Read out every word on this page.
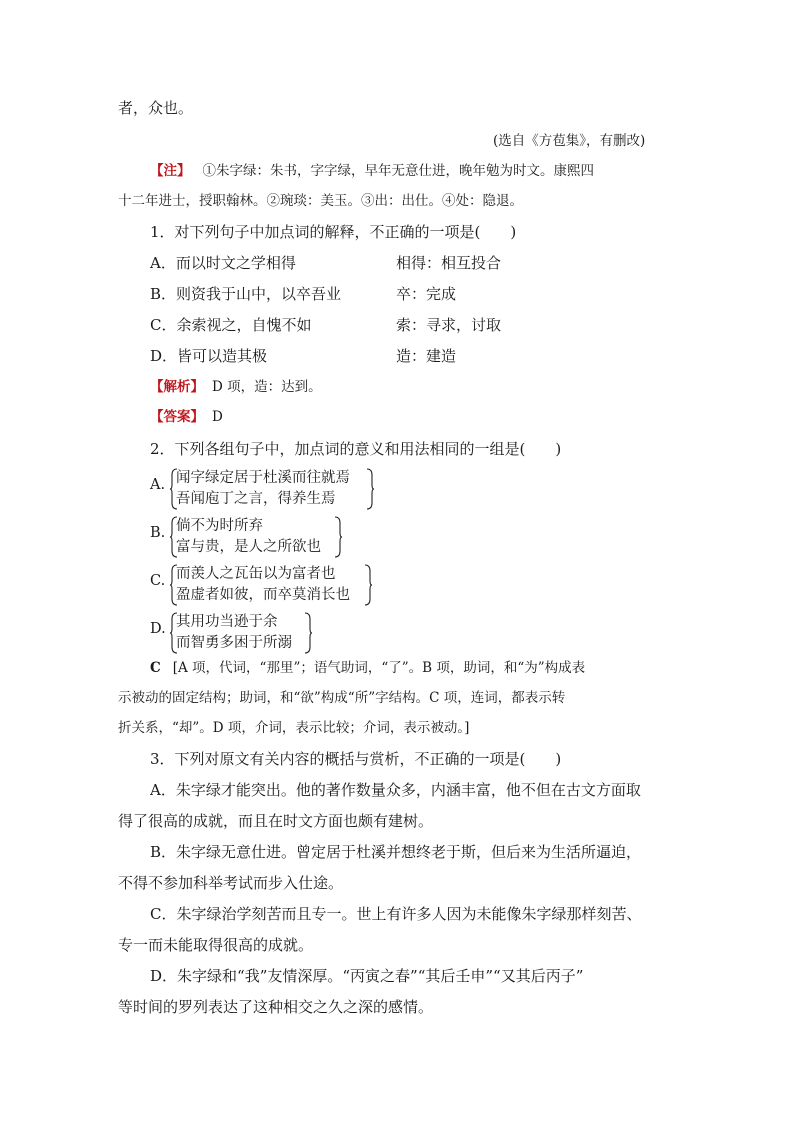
者，众也。
(选自《方苞集》，有删改)
【注】 ①朱字绿：朱书，字字绿，早年无意仕进，晚年勉为时文。康熙四
十二年进士，授职翰林。②琬琰：美玉。③出：出仕。④处：隐退。
1．对下列句子中加点词的解释，不正确的一项是(　　)
A．而以时文之学相得	相得：相互投合
B．则资我于山中，以卒吾业	卒：完成
C．余索视之，自愧不如	索：寻求，讨取
D．皆可以造其极	造：建造
【解析】 D 项，造：达到。
【答案】 D
2．下列各组句子中，加点词的意义和用法相同的一组是(　　)
A. 闻字绿定居于杜溪而往就焉
吾闻庖丁之言，得养生焉
B. 倘不为时所弃
富与贵，是人之所欲也
C. 而羡人之瓦缶以为富者也
盈虚者如彼，而卒莫消长也
D. 其用功当逊于余
而智勇多困于所溺
C [A 项，代词，“那里”；语气助词，“了”。B 项，助词，和“为”构成表
示被动的固定结构；助词，和“欲”构成“所”字结构。C 项，连词，都表示转
折关系，“却”。D 项，介词，表示比较；介词，表示被动。]
3．下列对原文有关内容的概括与赏析，不正确的一项是(　　)
A．朱字绿才能突出。他的著作数量众多，内涵丰富，他不但在古文方面取
得了很高的成就，而且在时文方面也颇有建树。
B．朱字绿无意仕进。曾定居于杜溪并想终老于斯，但后来为生活所逼迫，
不得不参加科举考试而步入仕途。
C．朱字绿治学刻苦而且专一。世上有许多人因为未能像朱字绿那样刻苦、
专一而未能取得很高的成就。
D．朱字绿和“我”友情深厚。“丙寅之春”“其后壬申”“又其后丙子”
等时间的罗列表达了这种相交之久之深的感情。
